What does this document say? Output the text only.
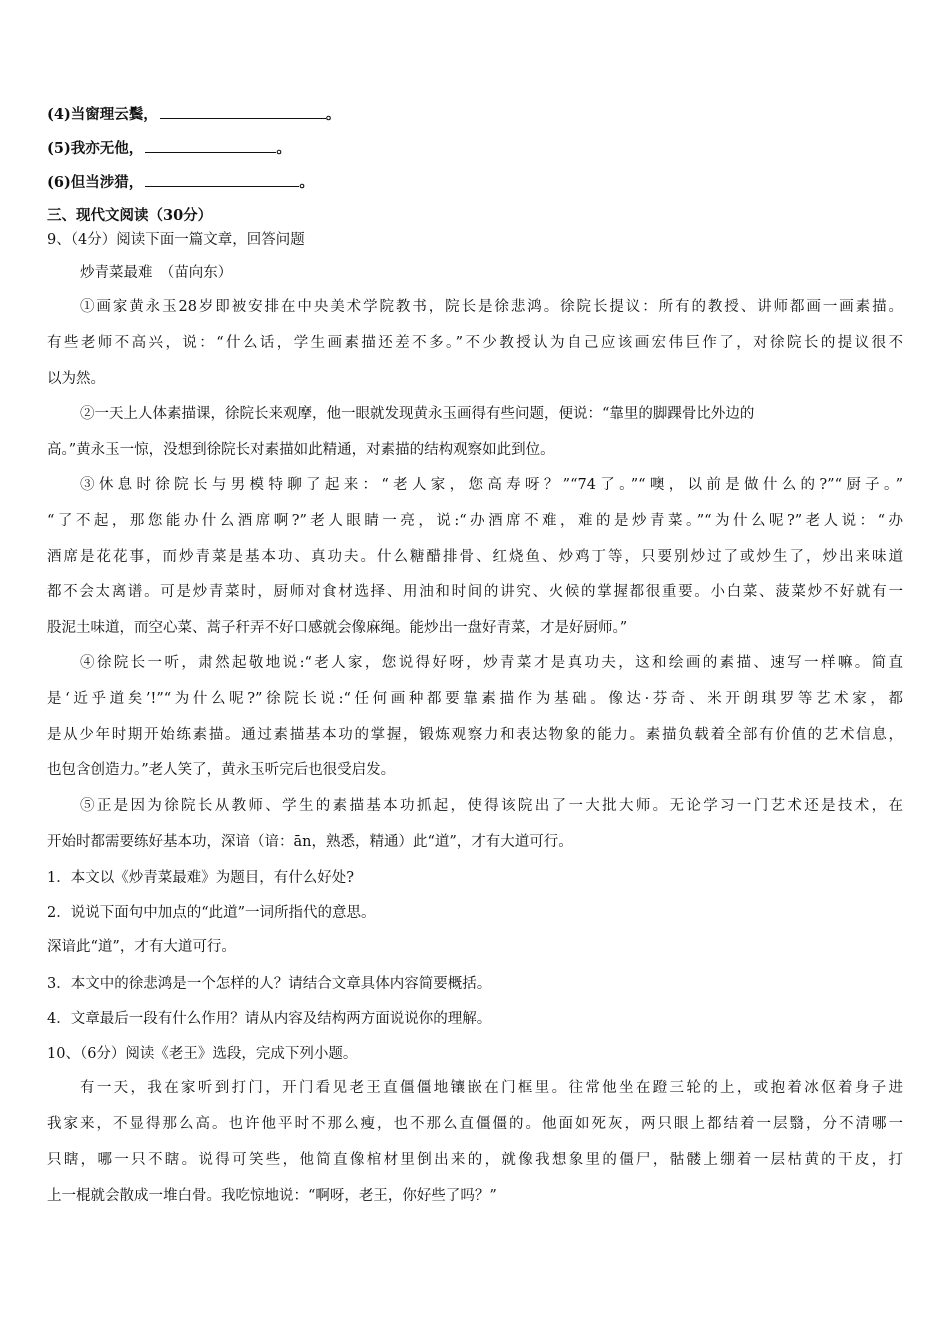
(4)当窗理云鬓，	。
(5)我亦无他，	。
(6)但当涉猎，	。
三、现代文阅读（30分）
9、（4分）阅读下面一篇文章，回答问题
炒青菜最难　（苗向东）
①画家黄永玉28岁即被安排在中央美术学院教书，院长是徐悲鸿。徐院长提议：所有的教授、讲师都画一画素描。
有些老师不高兴，说：“什么话，学生画素描还差不多。”不少教授认为自己应该画宏伟巨作了，对徐院长的提议很不
以为然。
②一天上人体素描课，徐院长来观摩，他一眼就发现黄永玉画得有些问题，便说：“靠里的脚踝骨比外边的
高。”黄永玉一惊，没想到徐院长对素描如此精通，对素描的结构观察如此到位。
③休息时徐院长与男模特聊了起来：“老人家，您高寿呀？”“74了。”“噢，以前是做什么的?”“厨子。”
“了不起，那您能办什么酒席啊?”老人眼睛一亮，说:“办酒席不难，难的是炒青菜。”“为什么呢?”老人说：“办
酒席是花花事，而炒青菜是基本功、真功夫。什么糖醋排骨、红烧鱼、炒鸡丁等，只要别炒过了或炒生了，炒出来味道
都不会太离谱。可是炒青菜时，厨师对食材选择、用油和时间的讲究、火候的掌握都很重要。小白菜、菠菜炒不好就有一
股泥土味道，而空心菜、蒿子秆弄不好口感就会像麻绳。能炒出一盘好青菜，才是好厨师。”
④徐院长一听，肃然起敬地说:“老人家，您说得好呀，炒青菜才是真功夫，这和绘画的素描、速写一样嘛。简直
是‘近乎道矣’!”“为什么呢?”徐院长说:“任何画种都要靠素描作为基础。像达·芬奇、米开朗琪罗等艺术家，都
是从少年时期开始练素描。通过素描基本功的掌握，锻炼观察力和表达物象的能力。素描负载着全部有价值的艺术信息，
也包含创造力。”老人笑了，黄永玉听完后也很受启发。
⑤正是因为徐院长从教师、学生的素描基本功抓起，使得该院出了一大批大师。无论学习一门艺术还是技术，在
开始时都需要练好基本功，深谙（谙：ān，熟悉，精通）此“道”，才有大道可行。
1．本文以《炒青菜最难》为题目，有什么好处?
2．说说下面句中加点的“此道”一词所指代的意思。
深谙此“道”，才有大道可行。
3．本文中的徐悲鸿是一个怎样的人？请结合文章具体内容简要概括。
4．文章最后一段有什么作用？请从内容及结构两方面说说你的理解。
10、（6分）阅读《老王》选段，完成下列小题。
有一天，我在家听到打门，开门看见老王直僵僵地镶嵌在门框里。往常他坐在蹬三轮的上，或抱着冰伛着身子进
我家来，不显得那么高。也许他平时不那么瘦，也不那么直僵僵的。他面如死灰，两只眼上都结着一层翳，分不清哪一
只瞎，哪一只不瞎。说得可笑些，他简直像棺材里倒出来的，就像我想象里的僵尸，骷髅上绷着一层枯黄的干皮，打
上一棍就会散成一堆白骨。我吃惊地说：“啊呀，老王，你好些了吗？”
